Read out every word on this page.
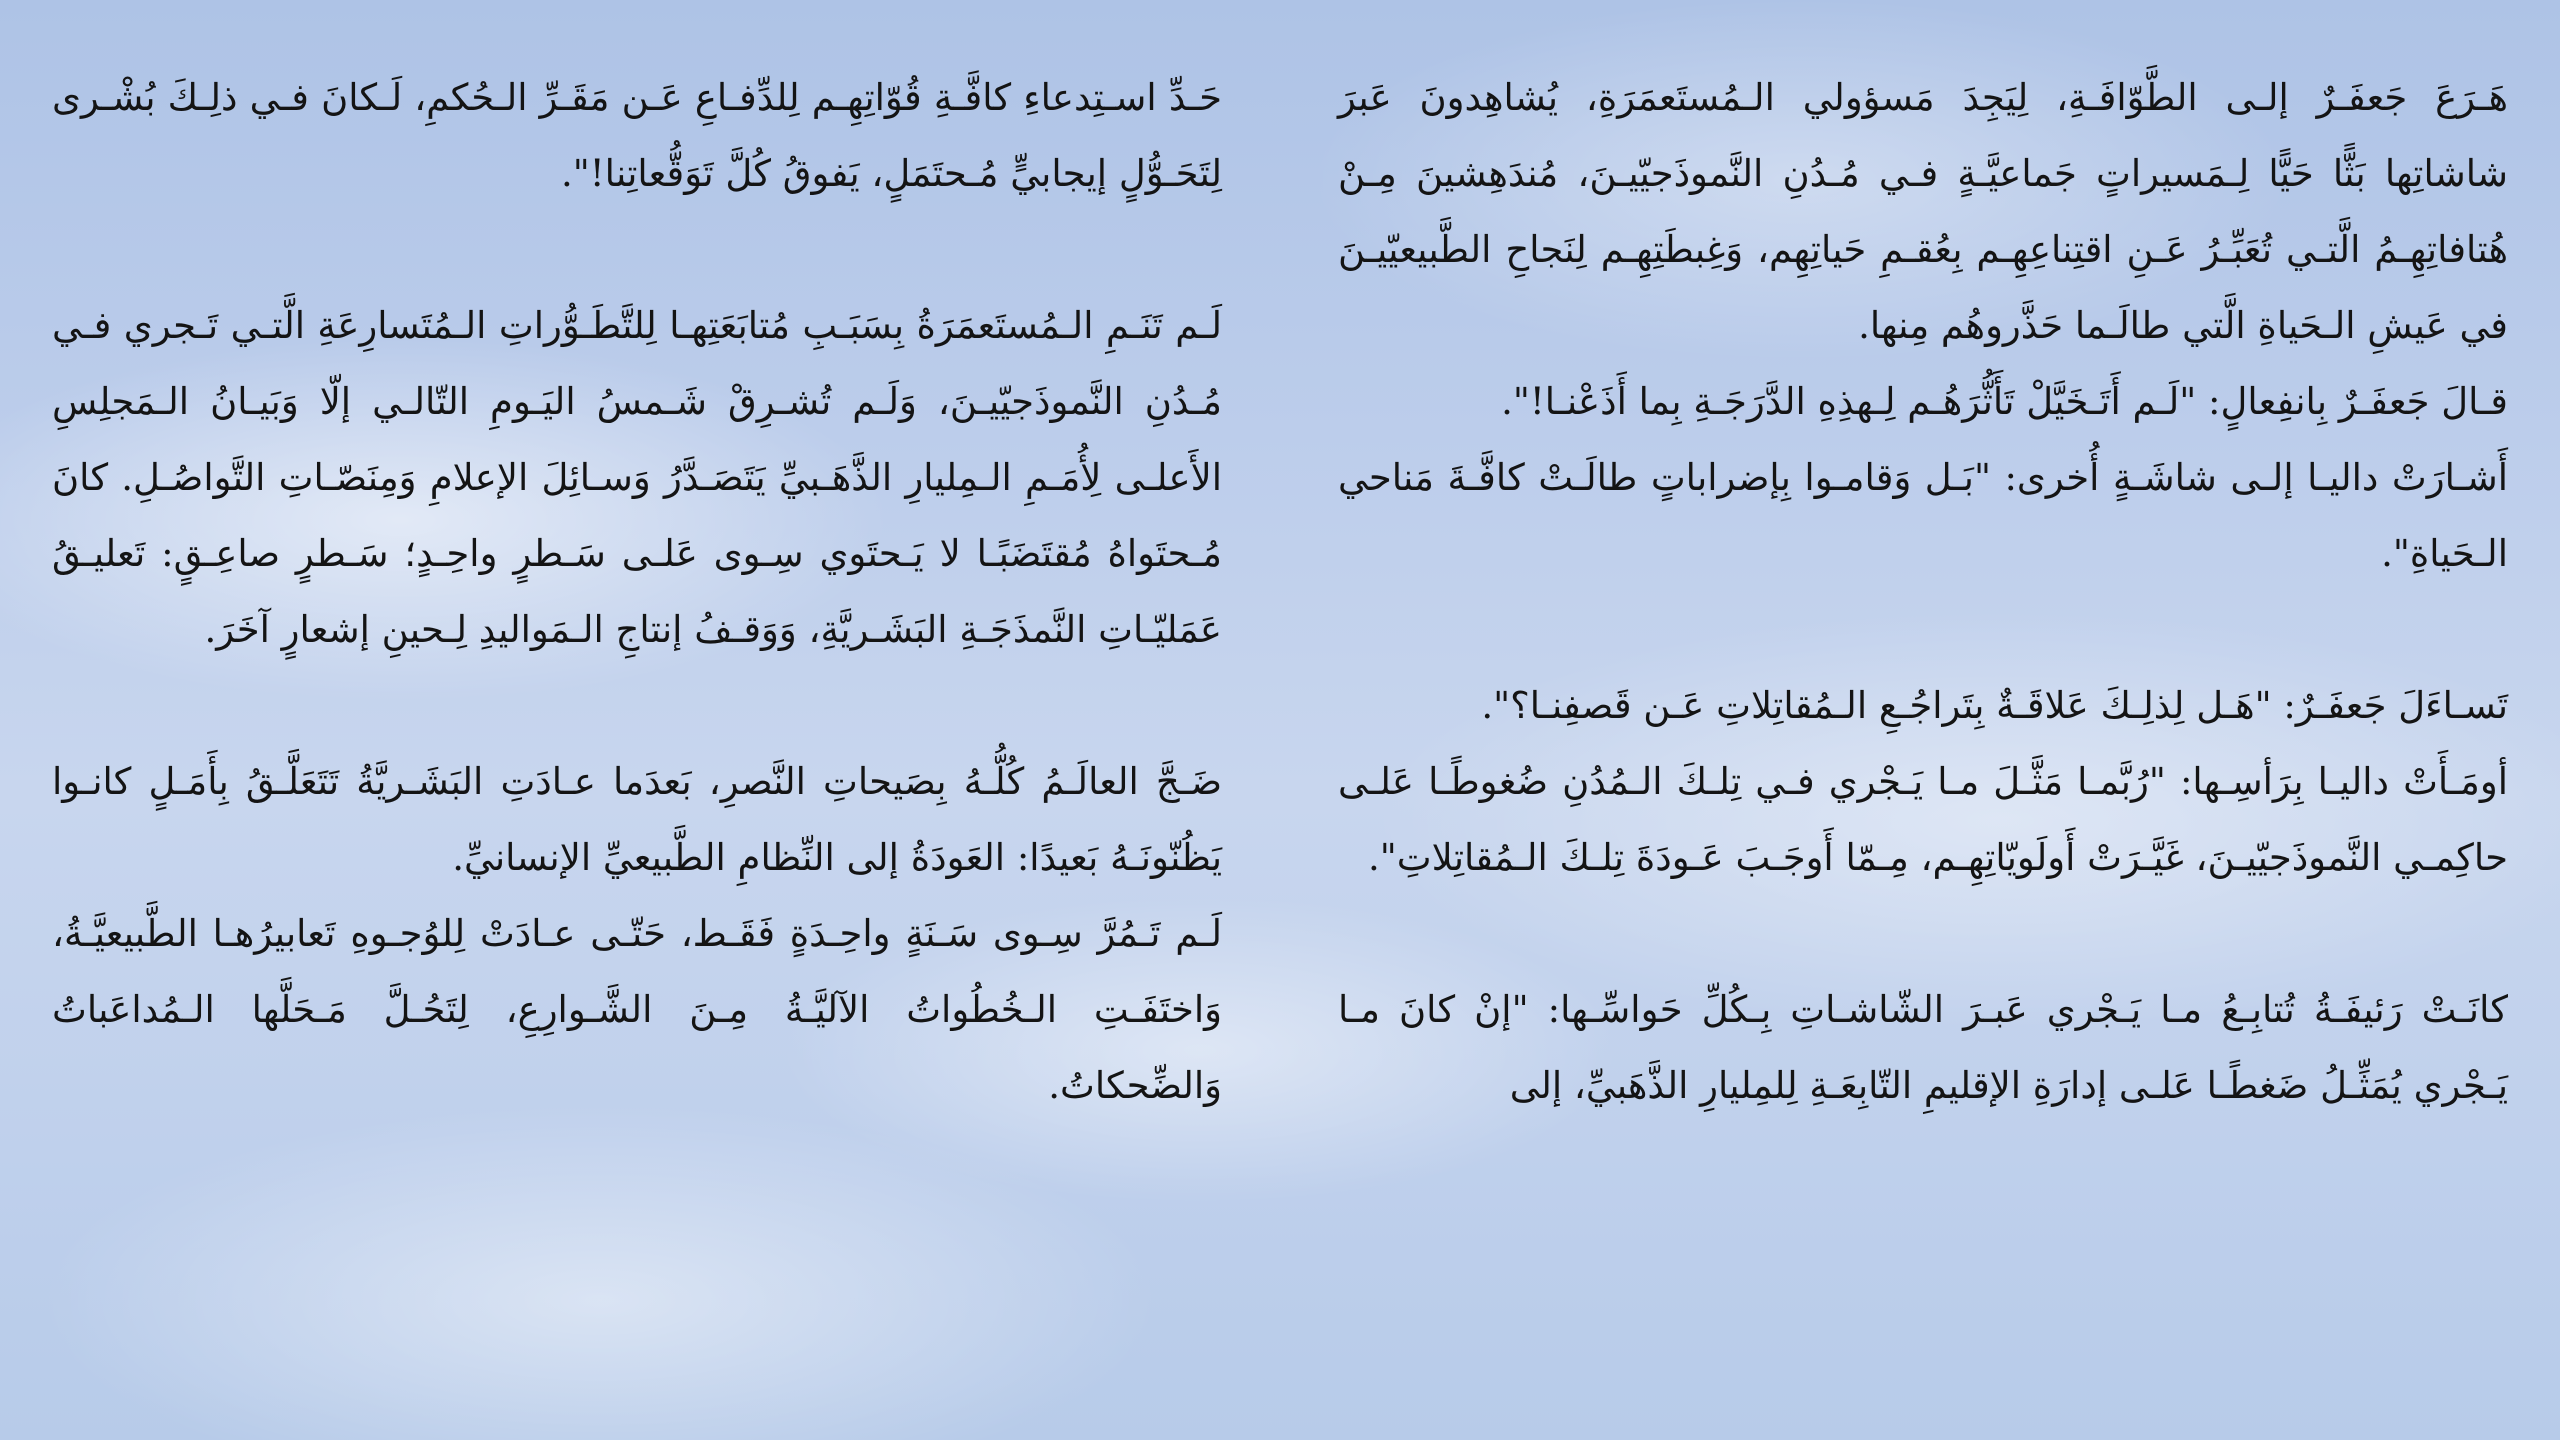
هَـرَعَ جَعفَـرٌ إلـى الطَّوّافَـةِ، لِيَجِدَ مَسؤولي الـمُستَعمَرَةِ، يُشاهِدونَ عَبرَ شاشاتِها بَثًّا حَيًّا لِـمَسيراتٍ جَماعيَّـةٍ فـي مُـدُنِ النَّموذَجيّيـنَ، مُندَهِشينَ مِـنْ هُتافاتِهِـمُ الَّتـي تُعَبِّـرُ عَـنِ اقتِناعِهِـم بِعُقـمِ حَياتِهِم، وَغِبطَتِهِـم لِنَجاحِ الطَّبيعيّيـنَ في عَيشِ الـحَياةِ الَّتي طالَـما حَذَّروهُم مِنها.

قـالَ جَعفَـرٌ بِانفِعالٍ: "لَـم أَتَـخَيَّلْ تَأَثُّرَهُـم لِـهذِهِ الدَّرَجَـةِ بِما أَذَعْنـا!".

أَشـارَتْ داليـا إلـى شاشَـةٍ أُخرى: "بَـل وَقامـوا بِإضراباتٍ طالَـتْ كافَّـةَ مَناحي الـحَياةِ".

تَسـاءَلَ جَعفَـرٌ: "هَـل لِذلِـكَ عَلاقَـةٌ بِتَراجُـعِ الـمُقاتِلاتِ عَـن قَصفِنـا؟".

أومَـأَتْ داليـا بِرَأسِـها: "رُبَّمـا مَثَّـلَ مـا يَـجْري فـي تِلـكَ الـمُدُنِ ضُغوطًـا عَلـى حاكِمـي النَّموذَجيّيـنَ، غَيَّـرَتْ أَولَويّاتِهِـم، مِـمّا أَوجَـبَ عَـودَةَ تِلـكَ الـمُقاتِلاتِ".

كانَـتْ رَئيفَـةُ تُتابِـعُ مـا يَـجْري عَبـرَ الشّاشـاتِ بِـكُلِّ حَواسِّـها: "إنْ كانَ مـا يَـجْري يُمَثِّـلُ ضَغطًـا عَلـى إدارَةِ الإقليمِ التّابِعَـةِ لِلمِليارِ الذَّهَبيِّ، إلى

حَـدِّ اسـتِدعاءِ كافَّـةِ قُوّاتِهِـم لِلدِّفـاعِ عَـن مَقَـرِّ الـحُكمِ، لَـكانَ فـي ذلِـكَ بُشْـرى لِتَحَـوُّلٍ إيجابيٍّ مُـحتَمَلٍ، يَفوقُ كُلَّ تَوَقُّعاتِنا!".

لَـم تَنَـمِ الـمُستَعمَرَةُ بِسَبَـبِ مُتابَعَتِهـا لِلتَّطَـوُّراتِ الـمُتَسارِعَةِ الَّتـي تَـجري فـي مُـدُنِ النَّموذَجيّيـنَ، وَلَـم تُشـرِقْ شَـمسُ اليَـومِ التّالـي إلّا وَبَيـانُ الـمَجلِسِ الأَعلـى لِأُمَـمِ الـمِليارِ الذَّهَـبيِّ يَتَصَـدَّرُ وَسـائِلَ الإعلامِ وَمِنَصّـاتِ التَّواصُـلِ. كانَ مُـحتَواهُ مُقتَضَبًـا لا يَـحتَوي سِـوى عَلـى سَـطرٍ واحِـدٍ؛ سَـطرٍ صاعِـقٍ: تَعليـقُ عَمَليّـاتِ النَّمذَجَـةِ البَشَـريَّةِ، وَوَقـفُ إنتاجِ الـمَواليدِ لِـحينِ إشعارٍ آخَرَ.

ضَـجَّ العالَـمُ كُلُّـهُ بِصَيحاتِ النَّصرِ، بَعدَما عـادَتِ البَشَـريَّةُ تَتَعَلَّـقُ بِأَمَـلٍ كانـوا يَظُنّونَـهُ بَعيدًا: العَودَةُ إلى النِّظامِ الطَّبيعيِّ الإنسانيِّ.

لَـم تَـمُرَّ سِـوى سَـنَةٍ واحِـدَةٍ فَقَـط، حَتّـى عـادَتْ لِلوُجـوهِ تَعابيرُهـا الطَّبيعيَّـةُ، وَاختَفَـتِ الـخُطُواتُ الآليَّـةُ مِـنَ الشَّـوارِعِ، لِتَحُـلَّ مَـحَلَّها الـمُداعَباتُ وَالضِّحكاتُ.
